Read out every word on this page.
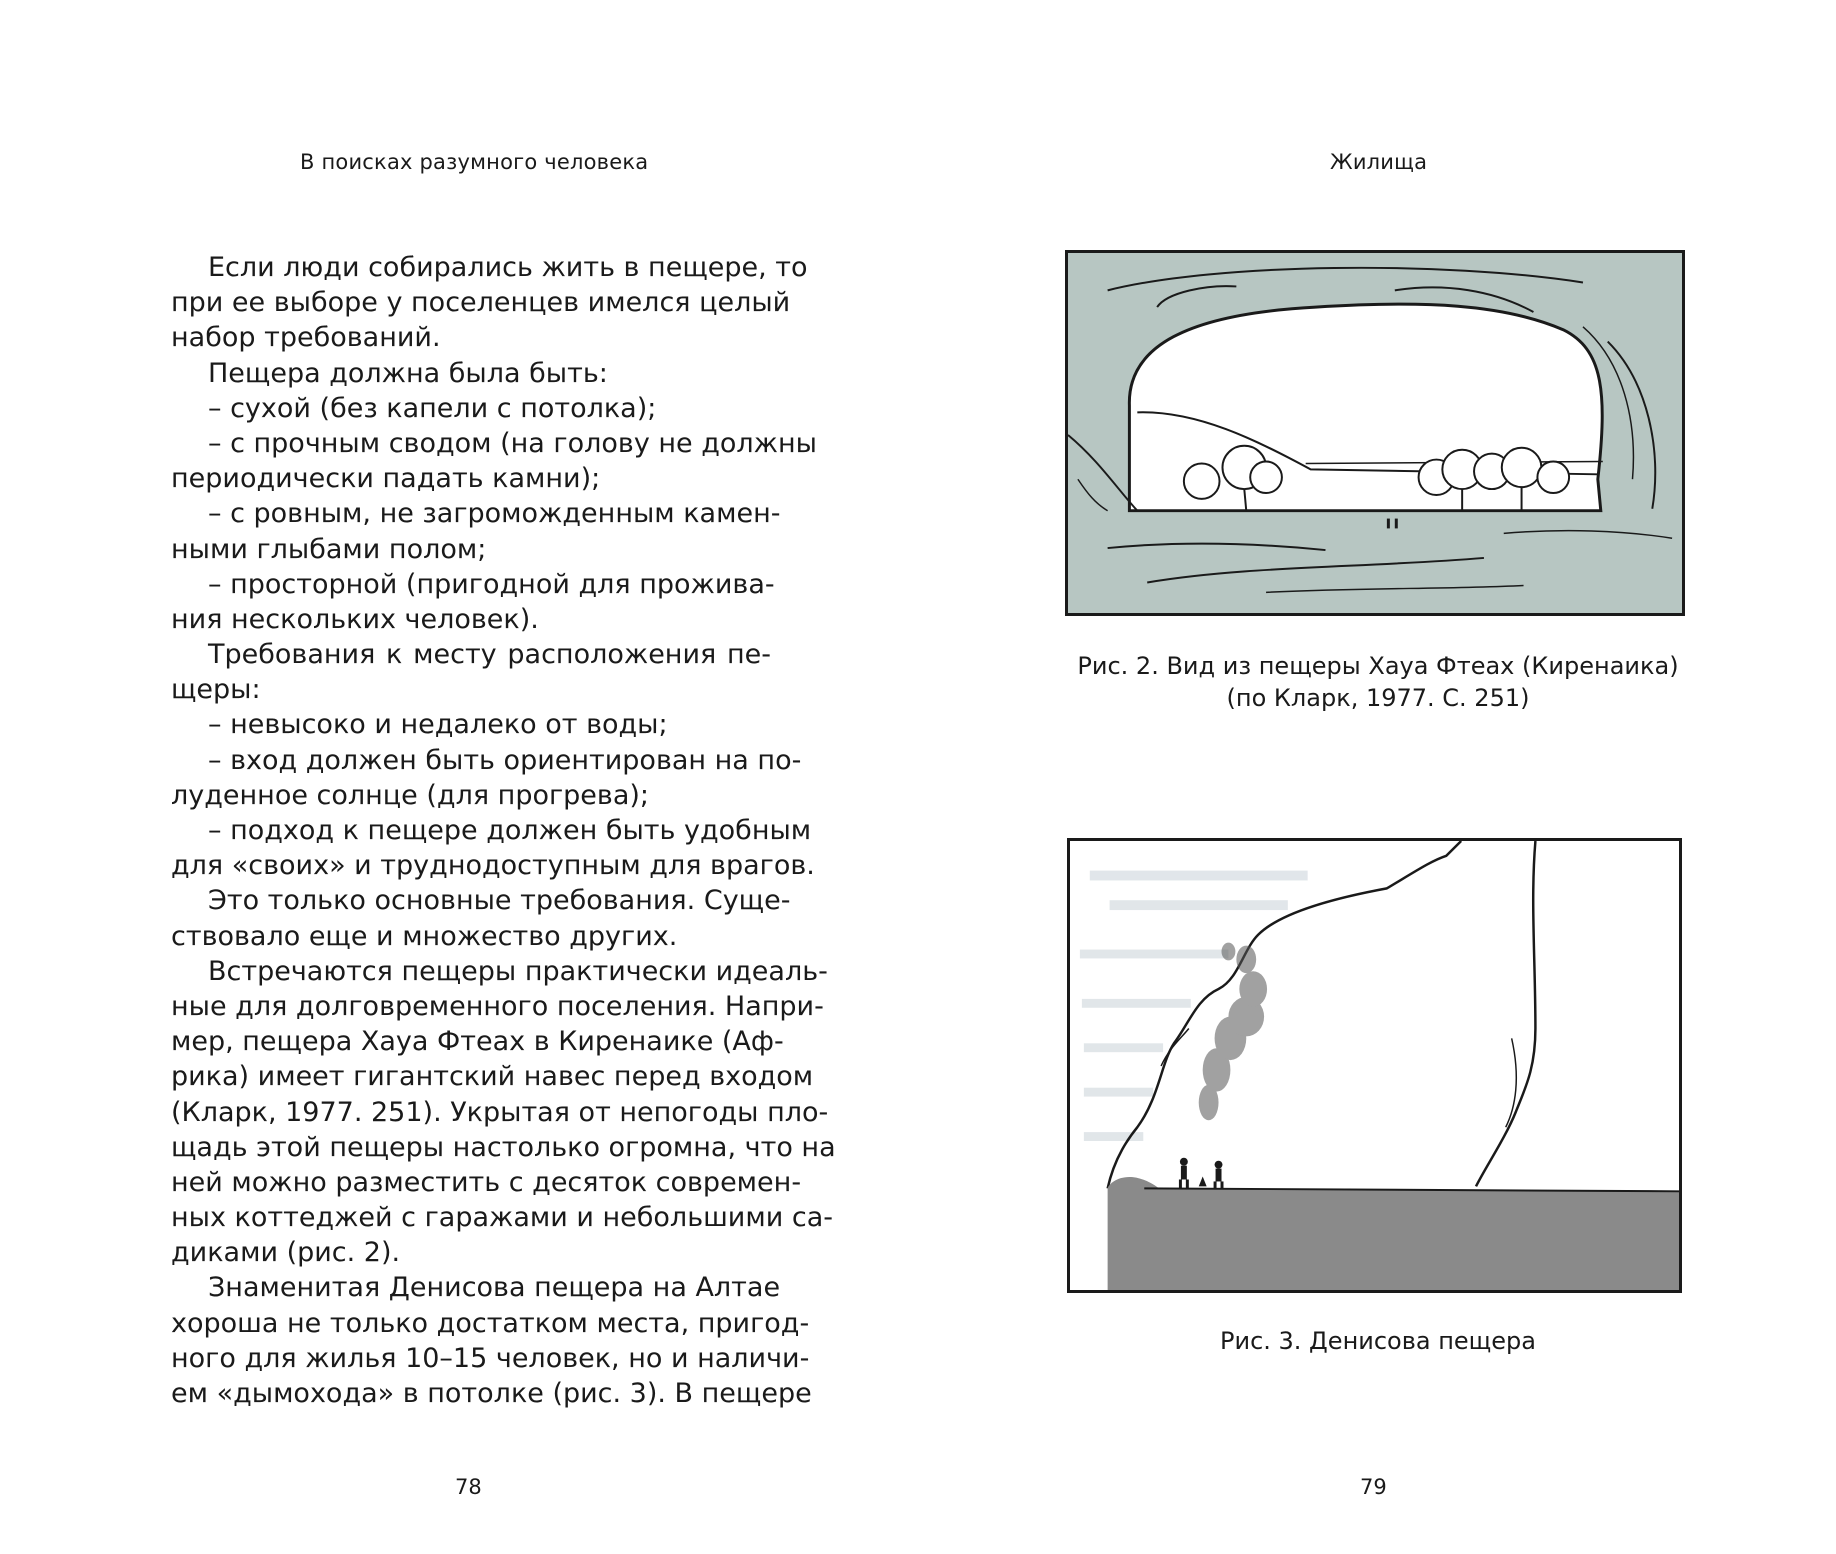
В поисках разумного человека
Если люди собирались жить в пещере, то
при ее выборе у поселенцев имелся целый
набор требований.
Пещера должна была быть:
– сухой (без капели с потолка);
– с прочным сводом (на голову не должны
периодически падать камни);
– с ровным, не загроможденным камен-
ными глыбами полом;
– просторной (пригодной для прожива-
ния нескольких человек).
Требования к месту расположения пе-
щеры:
– невысоко и недалеко от воды;
– вход должен быть ориентирован на по-
луденное солнце (для прогрева);
– подход к пещере должен быть удобным
для «своих» и труднодоступным для врагов.
Это только основные требования. Суще-
ствовало еще и множество других.
Встречаются пещеры практически идеаль-
ные для долговременного поселения. Напри-
мер, пещера Хауа Фтеах в Киренаике (Аф-
рика) имеет гигантский навес перед входом
(Кларк, 1977. 251). Укрытая от непогоды пло-
щадь этой пещеры настолько огромна, что на
ней можно разместить с десяток современ-
ных коттеджей с гаражами и небольшими са-
диками (рис. 2).
Знаменитая Денисова пещера на Алтае
хороша не только достатком места, пригод-
ного для жилья 10–15 человек, но и наличи-
ем «дымохода» в потолке (рис. 3). В пещере
78
Жилища
Рис. 2. Вид из пещеры Хауа Фтеах (Киренаика)
(по Кларк, 1977. С. 251)
Рис. 3. Денисова пещера
79
